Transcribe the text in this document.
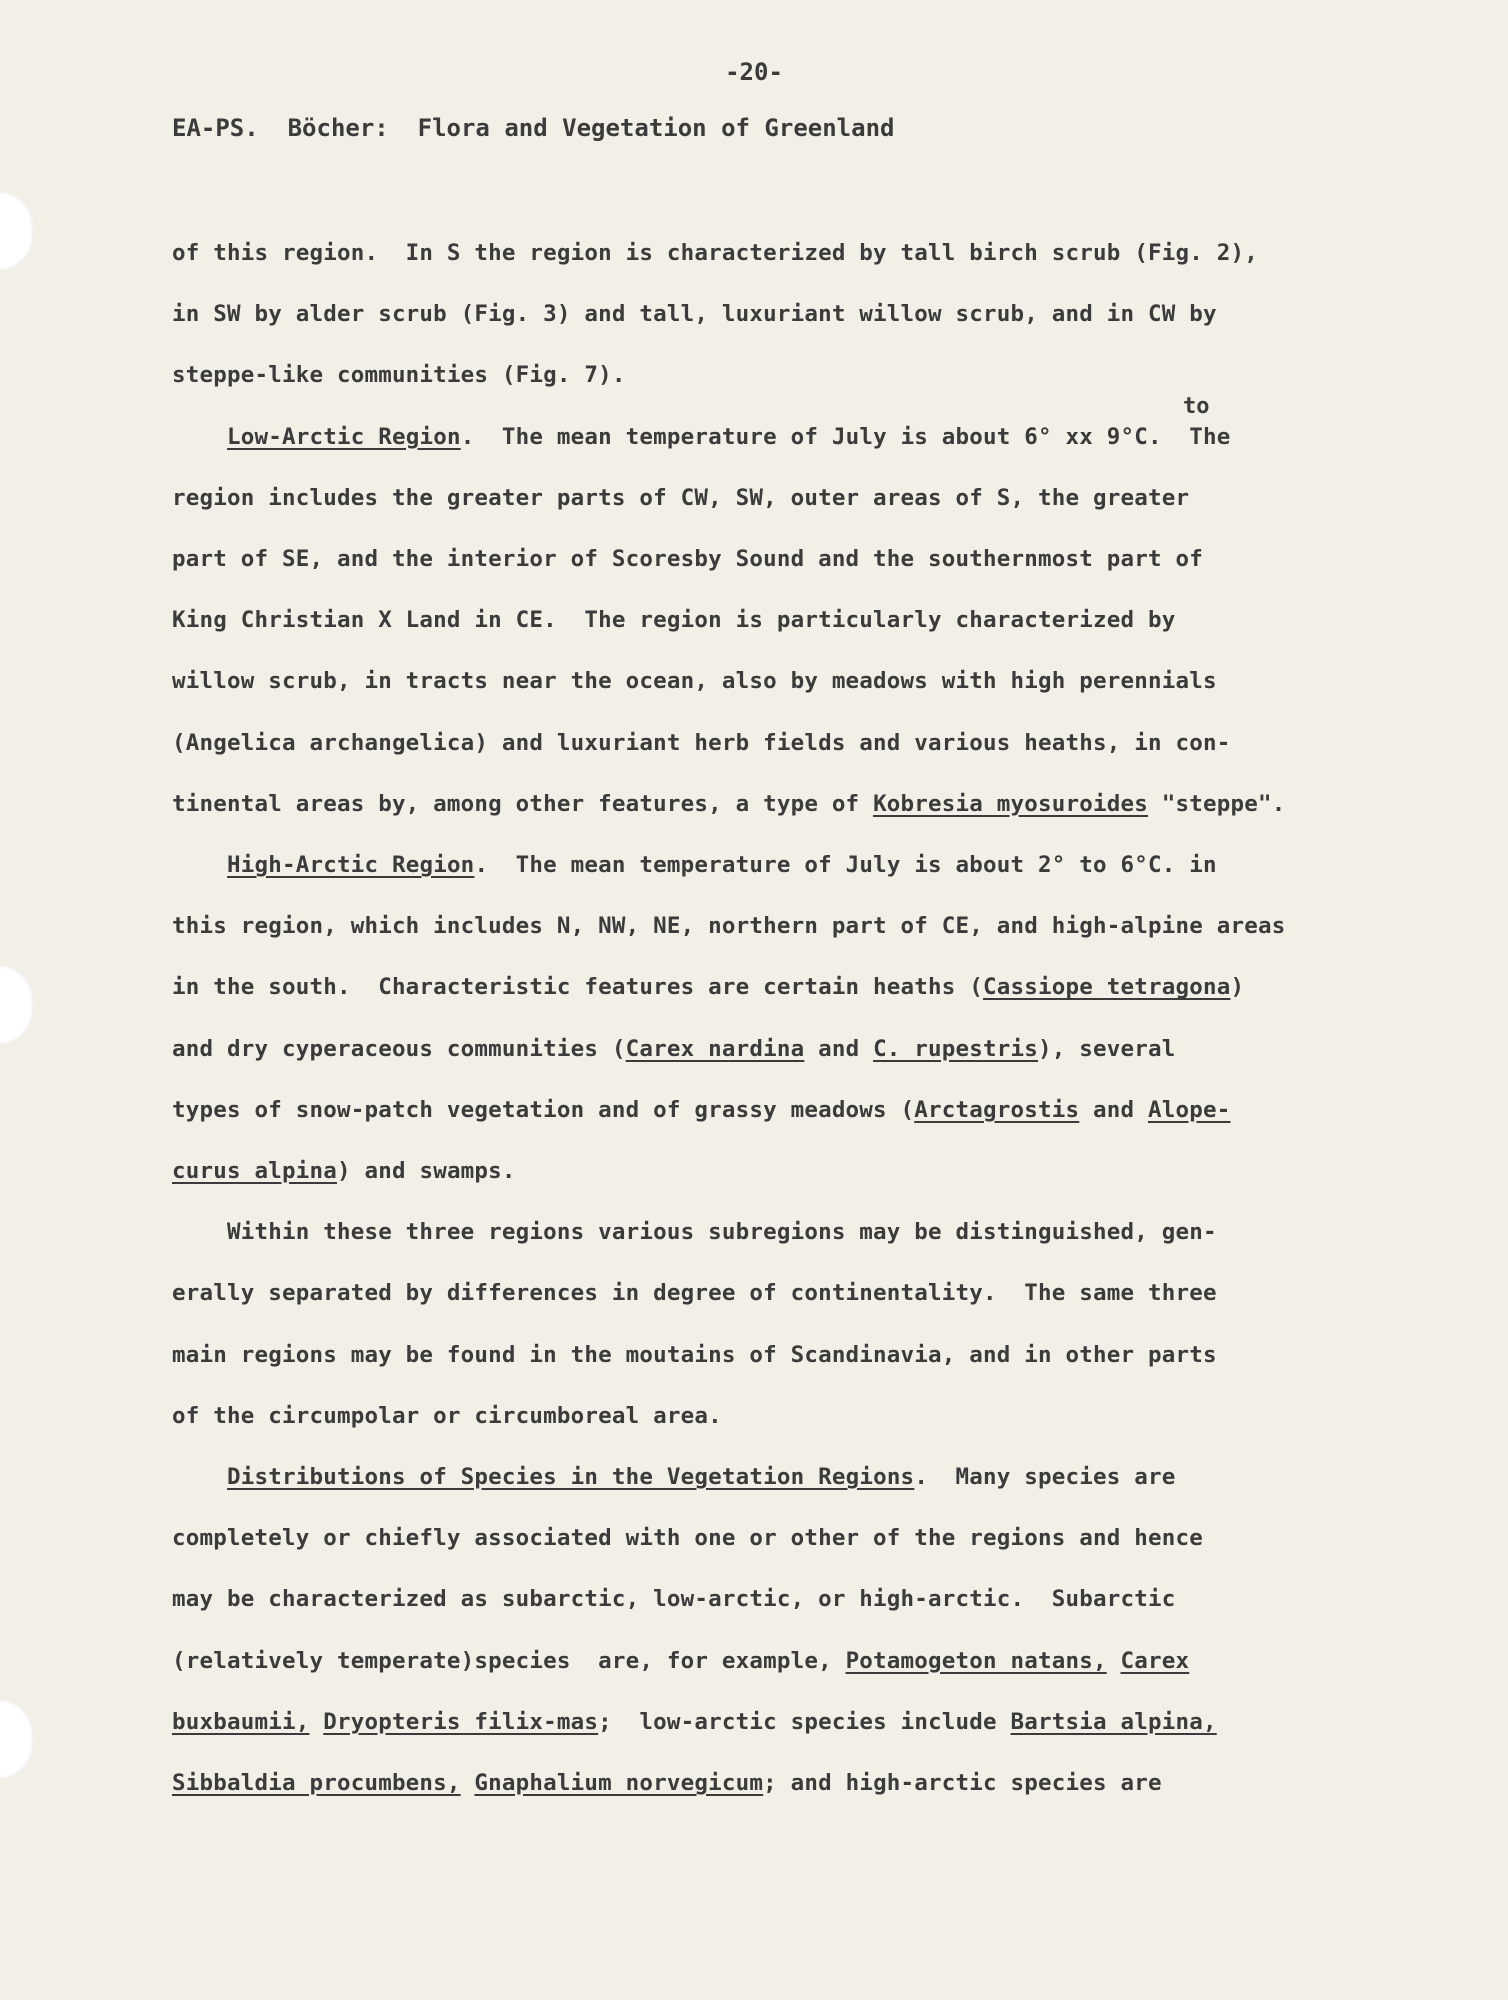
-20-
EA-PS.  Böcher:  Flora and Vegetation of Greenland
to
of this region.  In S the region is characterized by tall birch scrub (Fig. 2),
in SW by alder scrub (Fig. 3) and tall, luxuriant willow scrub, and in CW by
steppe-like communities (Fig. 7).
Low-Arctic Region.  The mean temperature of July is about 6° xx 9°C.  The
region includes the greater parts of CW, SW, outer areas of S, the greater
part of SE, and the interior of Scoresby Sound and the southernmost part of
King Christian X Land in CE.  The region is particularly characterized by
willow scrub, in tracts near the ocean, also by meadows with high perennials
(Angelica archangelica) and luxuriant herb fields and various heaths, in con-
tinental areas by, among other features, a type of Kobresia myosuroides "steppe".
High-Arctic Region.  The mean temperature of July is about 2° to 6°C. in
this region, which includes N, NW, NE, northern part of CE, and high-alpine areas
in the south.  Characteristic features are certain heaths (Cassiope tetragona)
and dry cyperaceous communities (Carex nardina and C. rupestris), several
types of snow-patch vegetation and of grassy meadows (Arctagrostis and Alope-
curus alpina) and swamps.
Within these three regions various subregions may be distinguished, gen-
erally separated by differences in degree of continentality.  The same three
main regions may be found in the moutains of Scandinavia, and in other parts
of the circumpolar or circumboreal area.
Distributions of Species in the Vegetation Regions.  Many species are
completely or chiefly associated with one or other of the regions and hence
may be characterized as subarctic, low-arctic, or high-arctic.  Subarctic
(relatively temperate)species  are, for example, Potamogeton natans, Carex
buxbaumii, Dryopteris filix-mas;  low-arctic species include Bartsia alpina,
Sibbaldia procumbens, Gnaphalium norvegicum; and high-arctic species are
